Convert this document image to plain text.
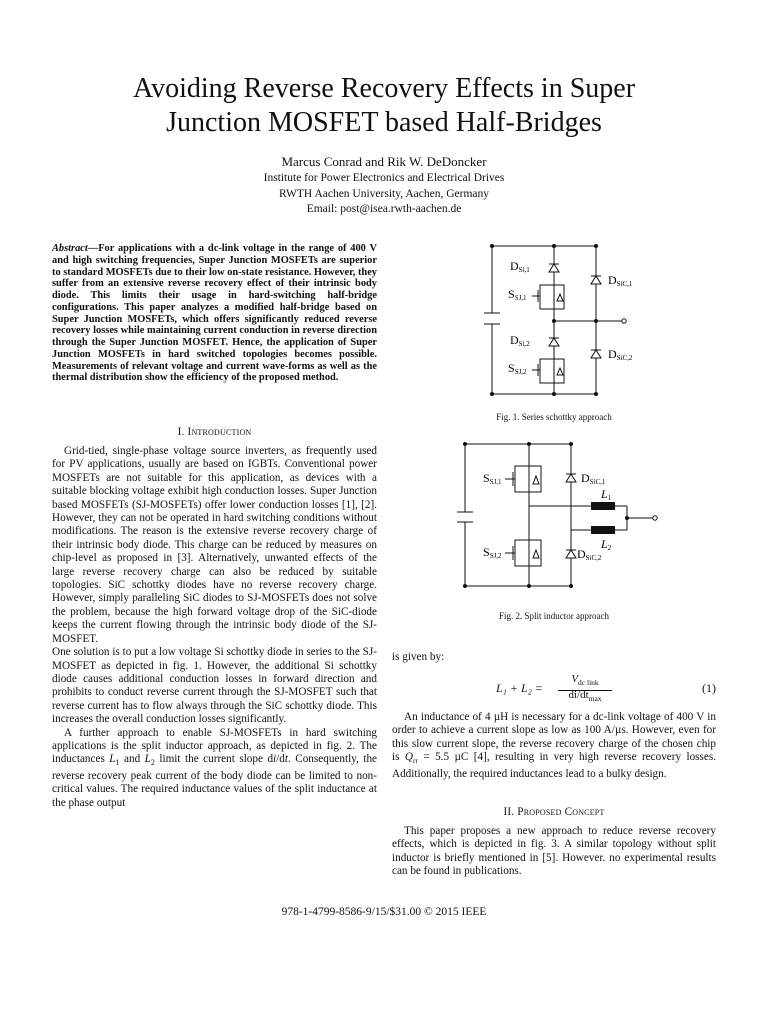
Avoiding Reverse Recovery Effects in Super
Junction MOSFET based Half-Bridges
Marcus Conrad and Rik W. DeDoncker
Institute for Power Electronics and Electrical Drives
RWTH Aachen University, Aachen, Germany
Email: post@isea.rwth-aachen.de
Abstract—For applications with a dc-link voltage in the range of 400 V and high switching frequencies, Super Junction MOSFETs are superior to standard MOSFETs due to their low on-state resistance. However, they suffer from an extensive reverse recovery effect of their intrinsic body diode. This limits their usage in hard-switching half-bridge configurations. This paper analyzes a modified half-bridge based on Super Junction MOSFETs, which offers significantly reduced reverse recovery losses while maintaining current conduction in reverse direction through the Super Junction MOSFET. Hence, the application of Super Junction MOSFETs in hard switched topologies becomes possible. Measurements of relevant voltage and current wave-forms as well as the thermal distribution show the efficiency of the proposed method.
I. Introduction

Grid-tied, single-phase voltage source inverters, as frequently used for PV applications, usually are based on IGBTs. Conventional power MOSFETs are not suitable for this application, as devices with a suitable blocking voltage exhibit high conduction losses. Super Junction based MOSFETs (SJ-MOSFETs) offer lower conduction losses [1], [2]. However, they can not be operated in hard switching conditions without modifications. The reason is the extensive reverse recovery charge of their intrinsic body diode. This charge can be reduced by measures on chip-level as proposed in [3]. Alternatively, unwanted effects of the large reverse recovery charge can also be reduced by suitable topologies. SiC schottky diodes have no reverse recovery charge. However, simply paralleling SiC diodes to SJ-MOSFETs does not solve the problem, because the high forward voltage drop of the SiC-diode keeps the current flowing through the intrinsic body diode of the SJ-MOSFET.

One solution is to put a low voltage Si schottky diode in series to the SJ-MOSFET as depicted in fig. 1. However, the additional Si schottky diode causes additional conduction losses in forward direction and prohibits to conduct reverse current through the SJ-MOSFET such that reverse current has to flow always through the SiC schottky diode. This increases the overall conduction losses significantly.

A further approach to enable SJ-MOSFETs in hard switching applications is the split inductor approach, as depicted in fig. 2. The inductances $L_1$ and $L_2$ limit the current slope di/dt. Consequently, the reverse recovery peak current of the body diode can be limited to non-critical values. The required inductance values of the split inductance at the phase output

DSi,1
SSJ,1
DSiC,1
DSi,2
SSJ,2
DSiC,2
Fig. 1. Series schottky approach
SSJ,1	DSiC,1
L1
L2
SSJ,2	DSiC,2
Fig. 2. Split inductor approach
is given by:
L₁ + L₂ =
$V_{dc link}$
$di/dt_{max}$
(1)

An inductance of 4 µH is necessary for a dc-link voltage of 400 V in order to achieve a current slope as low as 100 A/µs. However, even for this slow current slope, the reverse recovery charge of the chosen chip is $Q_{rr} = 5.5$ µC [4], resulting in very high reverse recovery losses. Additionally, the required inductances lead to a bulky design.

II. Proposed Concept

This paper proposes a new approach to reduce reverse recovery effects, which is depicted in fig. 3. A similar topology without split inductor is briefly mentioned in [5]. However. no experimental results can be found in publications.

978-1-4799-8586-9/15/$31.00 © 2015 IEEE
